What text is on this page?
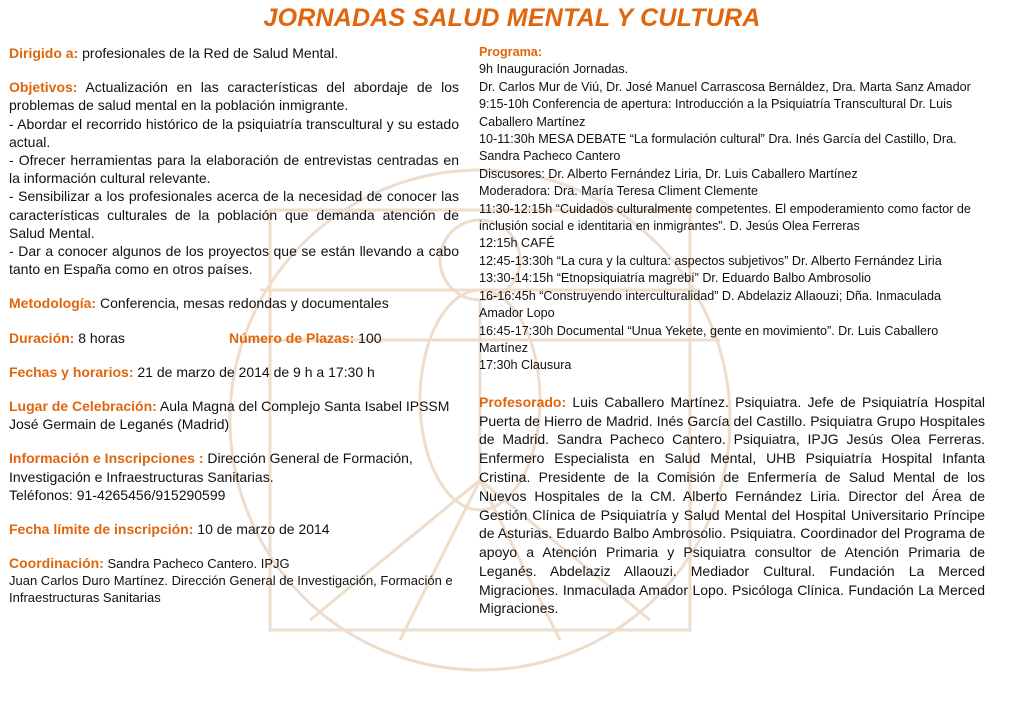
JORNADAS SALUD MENTAL Y CULTURA
Dirigido a: profesionales de la Red de Salud Mental.
Objetivos: Actualización en las características del abordaje de los problemas de salud mental en la población inmigrante.
- Abordar el recorrido histórico de la psiquiatría transcultural y su estado actual.
- Ofrecer herramientas para la elaboración de entrevistas centradas en la información cultural relevante.
- Sensibilizar a los profesionales acerca de la necesidad de conocer las características culturales de la población que demanda atención de Salud Mental.
- Dar a conocer algunos de los proyectos que se están llevando a cabo tanto en España como en otros países.
Metodología: Conferencia, mesas redondas y documentales
Duración: 8 horas	Número de Plazas: 100
Fechas y horarios: 21 de marzo de 2014 de 9 h a 17:30 h
Lugar de Celebración: Aula Magna del Complejo Santa Isabel IPSSM José Germain de Leganés (Madrid)
Información e Inscripciones : Dirección General de Formación, Investigación e Infraestructuras Sanitarias.
Teléfonos: 91-4265456/915290599
Fecha límite de inscripción: 10 de marzo de 2014
Coordinación: Sandra Pacheco Cantero. IPJG
Juan Carlos Duro Martínez. Dirección General de Investigación, Formación e Infraestructuras Sanitarias
Programa:
9h Inauguración Jornadas.
Dr. Carlos Mur de Viú, Dr. José Manuel Carrascosa Bernáldez, Dra. Marta Sanz Amador
9:15-10h Conferencia de apertura: Introducción a la Psiquiatría Transcultural Dr. Luis Caballero Martínez
10-11:30h MESA DEBATE “La formulación cultural” Dra. Inés García del Castillo, Dra. Sandra Pacheco Cantero
Discusores: Dr. Alberto Fernández Liria, Dr. Luis Caballero Martínez
Moderadora: Dra. María Teresa Climent Clemente
11:30-12:15h “Cuidados culturalmente competentes. El empoderamiento como factor de inclusión social e identitaria en inmigrantes”. D. Jesús Olea Ferreras
12:15h CAFÉ
12:45-13:30h “La cura y la cultura: aspectos subjetivos” Dr. Alberto Fernández Liria
13:30-14:15h “Etnopsiquiatría magrebí” Dr. Eduardo Balbo Ambrosolio
16-16:45h “Construyendo interculturalidad” D. Abdelaziz Allaouzi; Dña. Inmaculada Amador Lopo
16:45-17:30h Documental “Unua Yekete, gente en movimiento”. Dr. Luis Caballero Martínez
17:30h Clausura
Profesorado: Luis Caballero Martínez. Psiquiatra. Jefe de Psiquiatría Hospital Puerta de Hierro de Madrid. Inés García del Castillo. Psiquiatra Grupo Hospitales de Madrid. Sandra Pacheco Cantero. Psiquiatra, IPJG Jesús Olea Ferreras. Enfermero Especialista en Salud Mental, UHB Psiquiatría Hospital Infanta Cristina. Presidente de la Comisión de Enfermería de Salud Mental de los Nuevos Hospitales de la CM. Alberto Fernández Liria. Director del Área de Gestión Clínica de Psiquiatría y Salud Mental del Hospital Universitario Príncipe de Asturias. Eduardo Balbo Ambrosolio. Psiquiatra. Coordinador del Programa de apoyo a Atención Primaria y Psiquiatra consultor de Atención Primaria de Leganés. Abdelaziz Allaouzi. Mediador Cultural. Fundación La Merced Migraciones. Inmaculada Amador Lopo. Psicóloga Clínica. Fundación La Merced Migraciones.
